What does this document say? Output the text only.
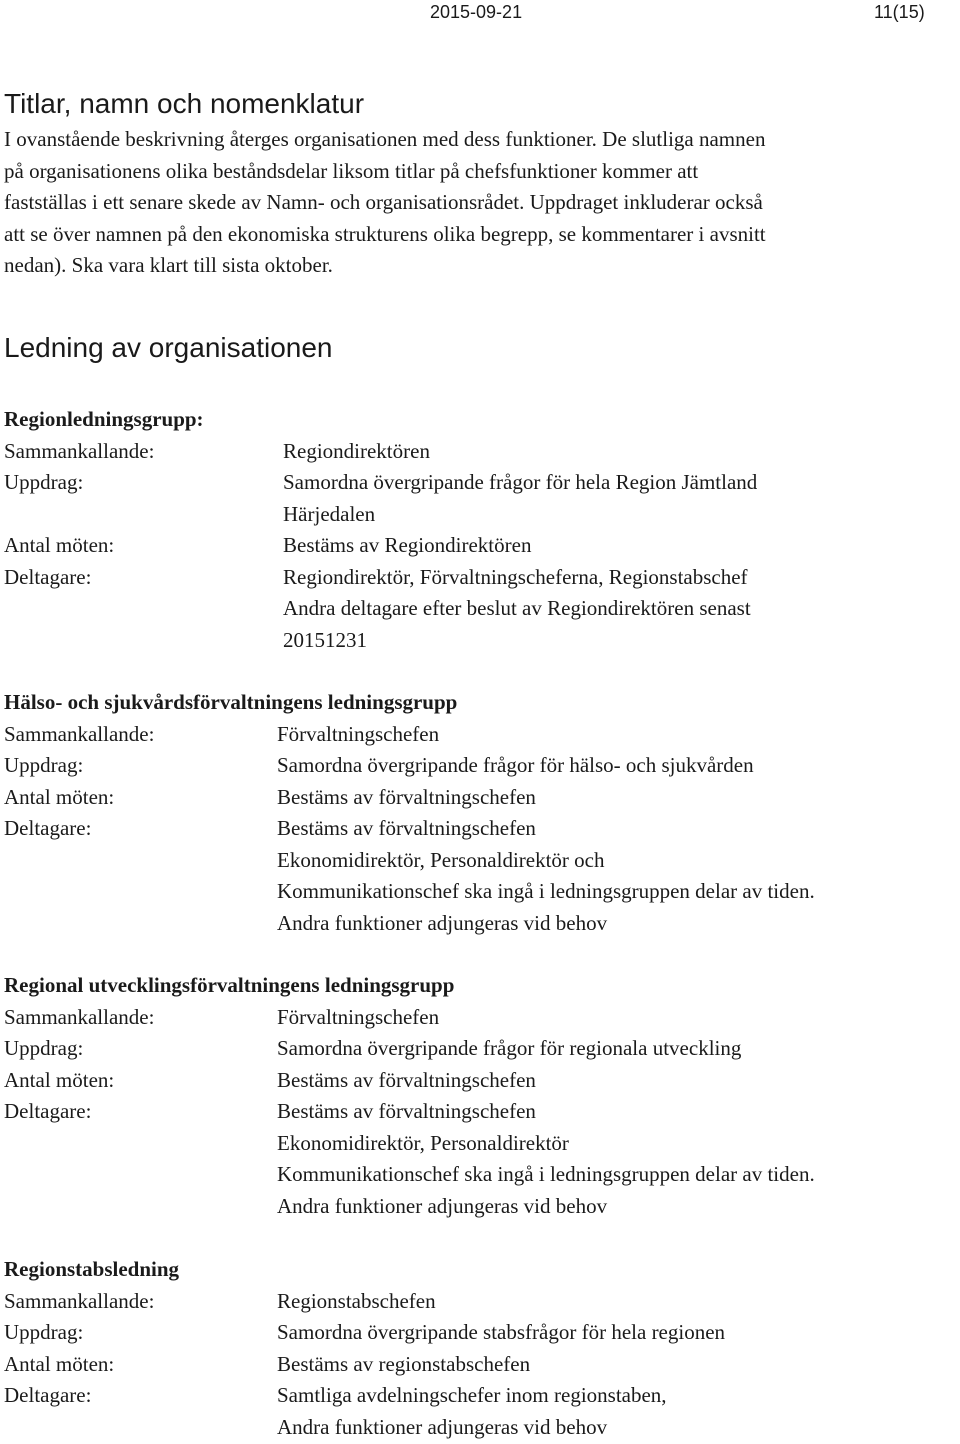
2015-09-21	11(15)
Titlar, namn och nomenklatur

I ovanstående beskrivning återges organisationen med dess funktioner. De slutliga namnen
på organisationens olika beståndsdelar liksom titlar på chefsfunktioner kommer att
fastställas i ett senare skede av Namn- och organisationsrådet. Uppdraget inkluderar också
att se över namnen på den ekonomiska strukturens olika begrepp, se kommentarer i avsnitt
nedan). Ska vara klart till sista oktober.

Ledning av organisationen
Regionledningsgrupp:
Sammankallande:	Regiondirektören
Uppdrag:	Samordna övergripande frågor för hela Region Jämtland
Härjedalen
Antal möten:	Bestäms av Regiondirektören
Deltagare:	Regiondirektör, Förvaltningscheferna, Regionstabschef
Andra deltagare efter beslut av Regiondirektören senast
20151231
Hälso- och sjukvårdsförvaltningens ledningsgrupp
Sammankallande:	Förvaltningschefen
Uppdrag:	Samordna övergripande frågor för hälso- och sjukvården
Antal möten:	Bestäms av förvaltningschefen
Deltagare:	Bestäms av förvaltningschefen
Ekonomidirektör, Personaldirektör och
Kommunikationschef ska ingå i ledningsgruppen delar av tiden.
Andra funktioner adjungeras vid behov
Regional utvecklingsförvaltningens ledningsgrupp
Sammankallande:	Förvaltningschefen
Uppdrag:	Samordna övergripande frågor för regionala utveckling
Antal möten:	Bestäms av förvaltningschefen
Deltagare:	Bestäms av förvaltningschefen
Ekonomidirektör, Personaldirektör
Kommunikationschef ska ingå i ledningsgruppen delar av tiden.
Andra funktioner adjungeras vid behov
Regionstabsledning
Sammankallande:	Regionstabschefen
Uppdrag:	Samordna övergripande stabsfrågor för hela regionen
Antal möten:	Bestäms av regionstabschefen
Deltagare:	Samtliga avdelningschefer inom regionstaben,
Andra funktioner adjungeras vid behov
